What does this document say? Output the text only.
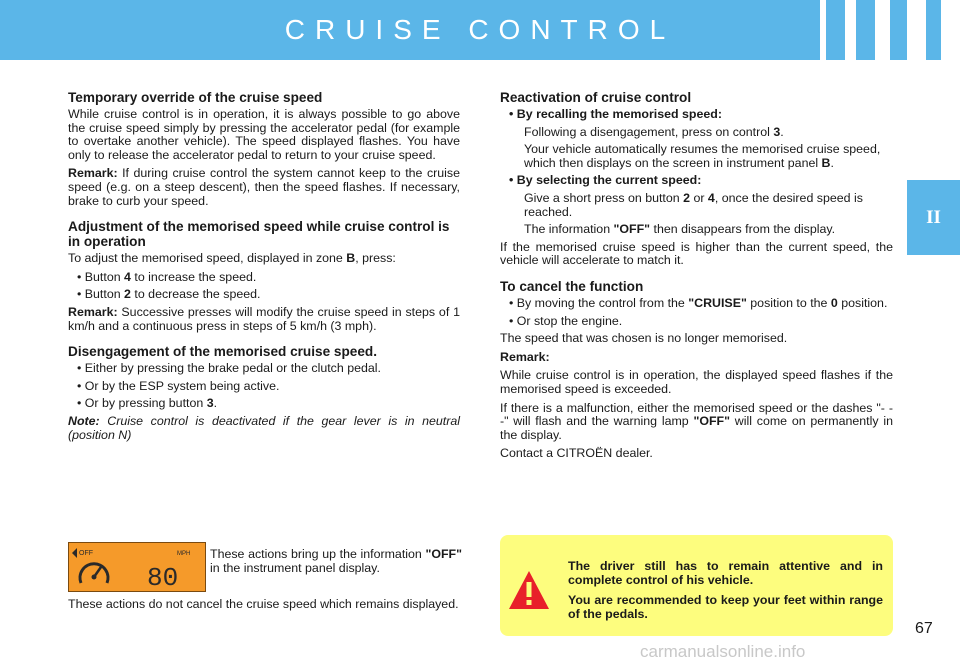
CRUISE CONTROL
II
Temporary override of the cruise speed

While cruise control is in operation, it is always possible to go above the cruise speed simply by pressing the accelerator pedal (for example to overtake another vehicle). The speed displayed flashes. You have only to release the accelerator pedal to return to your cruise speed.

Remark: If during cruise control the system cannot keep to the cruise speed (e.g. on a steep descent), then the speed flashes. If necessary, brake to curb your speed.

Adjustment of the memorised speed while cruise control is in operation

To adjust the memorised speed, displayed in zone B, press:

• Button 4 to increase the speed.
• Button 2 to decrease the speed.

Remark: Successive presses will modify the cruise speed in steps of 1 km/h and a continuous press in steps of 5 km/h (3 mph).

Disengagement of the memorised cruise speed.
• Either by pressing the brake pedal or the clutch pedal.
• Or by the ESP system being active.
• Or by pressing button 3.

Note: Cruise control is deactivated if the gear lever is in neutral (position N)

OFF	MPH
80
These actions bring up the information "OFF" in the instrument panel display.
These actions do not cancel the cruise speed which remains displayed.
Reactivation of cruise control
• By recalling the memorised speed:
Following a disengagement, press on control 3.
Your vehicle automatically resumes the memorised cruise speed, which then displays on the screen in instrument panel B.
• By selecting the current speed:
Give a short press on button 2 or 4, once the desired speed is reached.
The information "OFF" then disappears from the display.

If the memorised cruise speed is higher than the current speed, the vehicle will accelerate to match it.

To cancel the function
• By moving the control from the "CRUISE" position to the 0 position.
• Or stop the engine.

The speed that was chosen is no longer memorised.

Remark:

While cruise control is in operation, the displayed speed flashes if the memorised speed is exceeded.

If there is a malfunction, either the memorised speed or the dashes "- - -" will flash and the warning lamp "OFF" will come on permanently in the display.

Contact a CITROËN dealer.

The driver still has to remain attentive and in complete control of his vehicle.

You are recommended to keep your feet within range of the pedals.

67
carmanualsonline.info
